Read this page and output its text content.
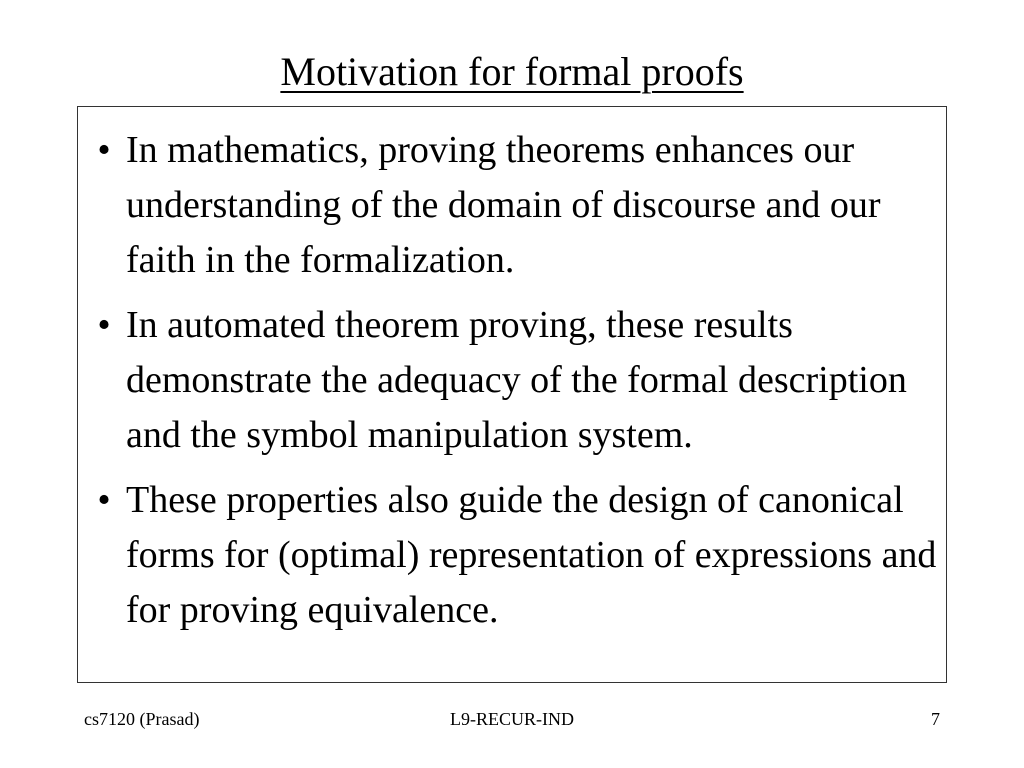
Motivation for formal proofs
• In mathematics, proving theorems enhances our understanding of the domain of discourse and our faith in the formalization.
• In automated theorem proving, these results demonstrate the adequacy of the formal description and the symbol manipulation system.
• These properties also guide the design of canonical forms for (optimal) representation of expressions and for proving equivalence.
cs7120 (Prasad)	L9-RECUR-IND	7
